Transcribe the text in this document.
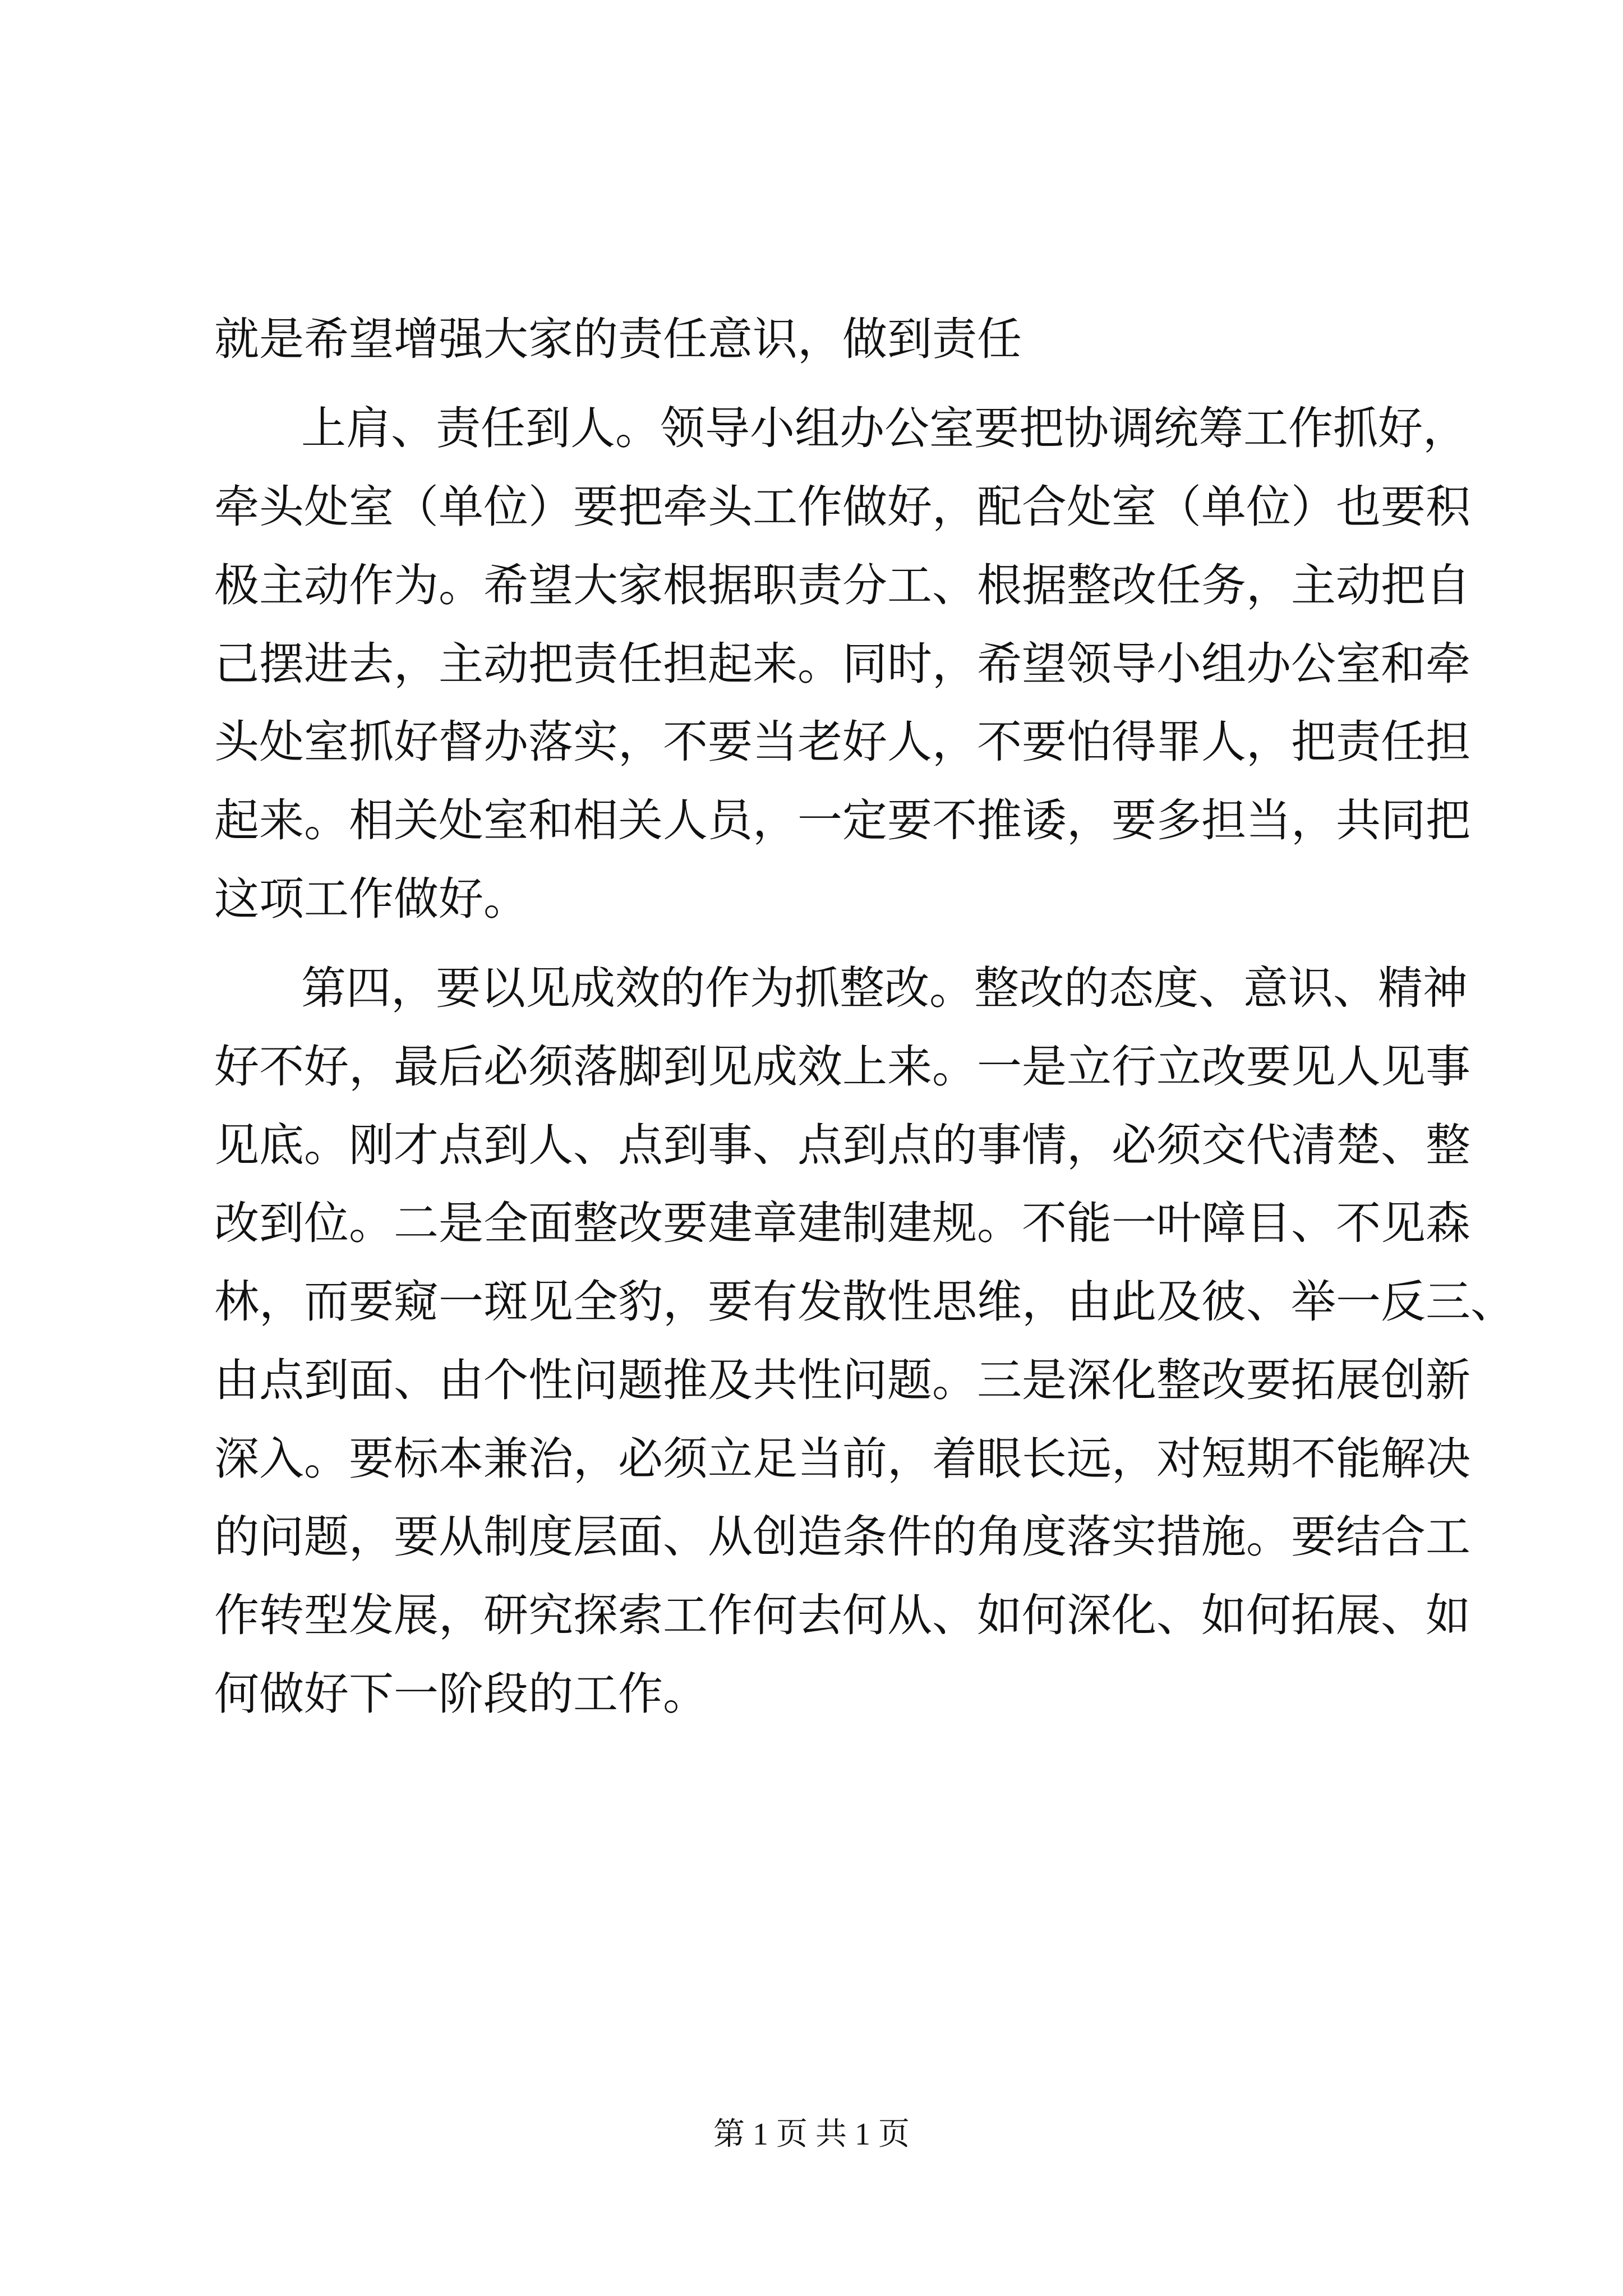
就是希望增强大家的责任意识，做到责任
上肩、责任到人。领导小组办公室要把协调统筹工作抓好，
牵头处室（单位）要把牵头工作做好，配合处室（单位）也要积
极主动作为。希望大家根据职责分工、根据整改任务，主动把自
己摆进去，主动把责任担起来。同时，希望领导小组办公室和牵
头处室抓好督办落实，不要当老好人，不要怕得罪人，把责任担
起来。相关处室和相关人员，一定要不推诿，要多担当，共同把
这项工作做好。
第四，要以见成效的作为抓整改。整改的态度、意识、精神
好不好，最后必须落脚到见成效上来。一是立行立改要见人见事
见底。刚才点到人、点到事、点到点的事情，必须交代清楚、整
改到位。二是全面整改要建章建制建规。不能一叶障目、不见森
林，而要窥一斑见全豹，要有发散性思维，由此及彼、举一反三、
由点到面、由个性问题推及共性问题。三是深化整改要拓展创新
深入。要标本兼治，必须立足当前，着眼长远，对短期不能解决
的问题，要从制度层面、从创造条件的角度落实措施。要结合工
作转型发展，研究探索工作何去何从、如何深化、如何拓展、如
何做好下一阶段的工作。
第 1 页 共 1 页
